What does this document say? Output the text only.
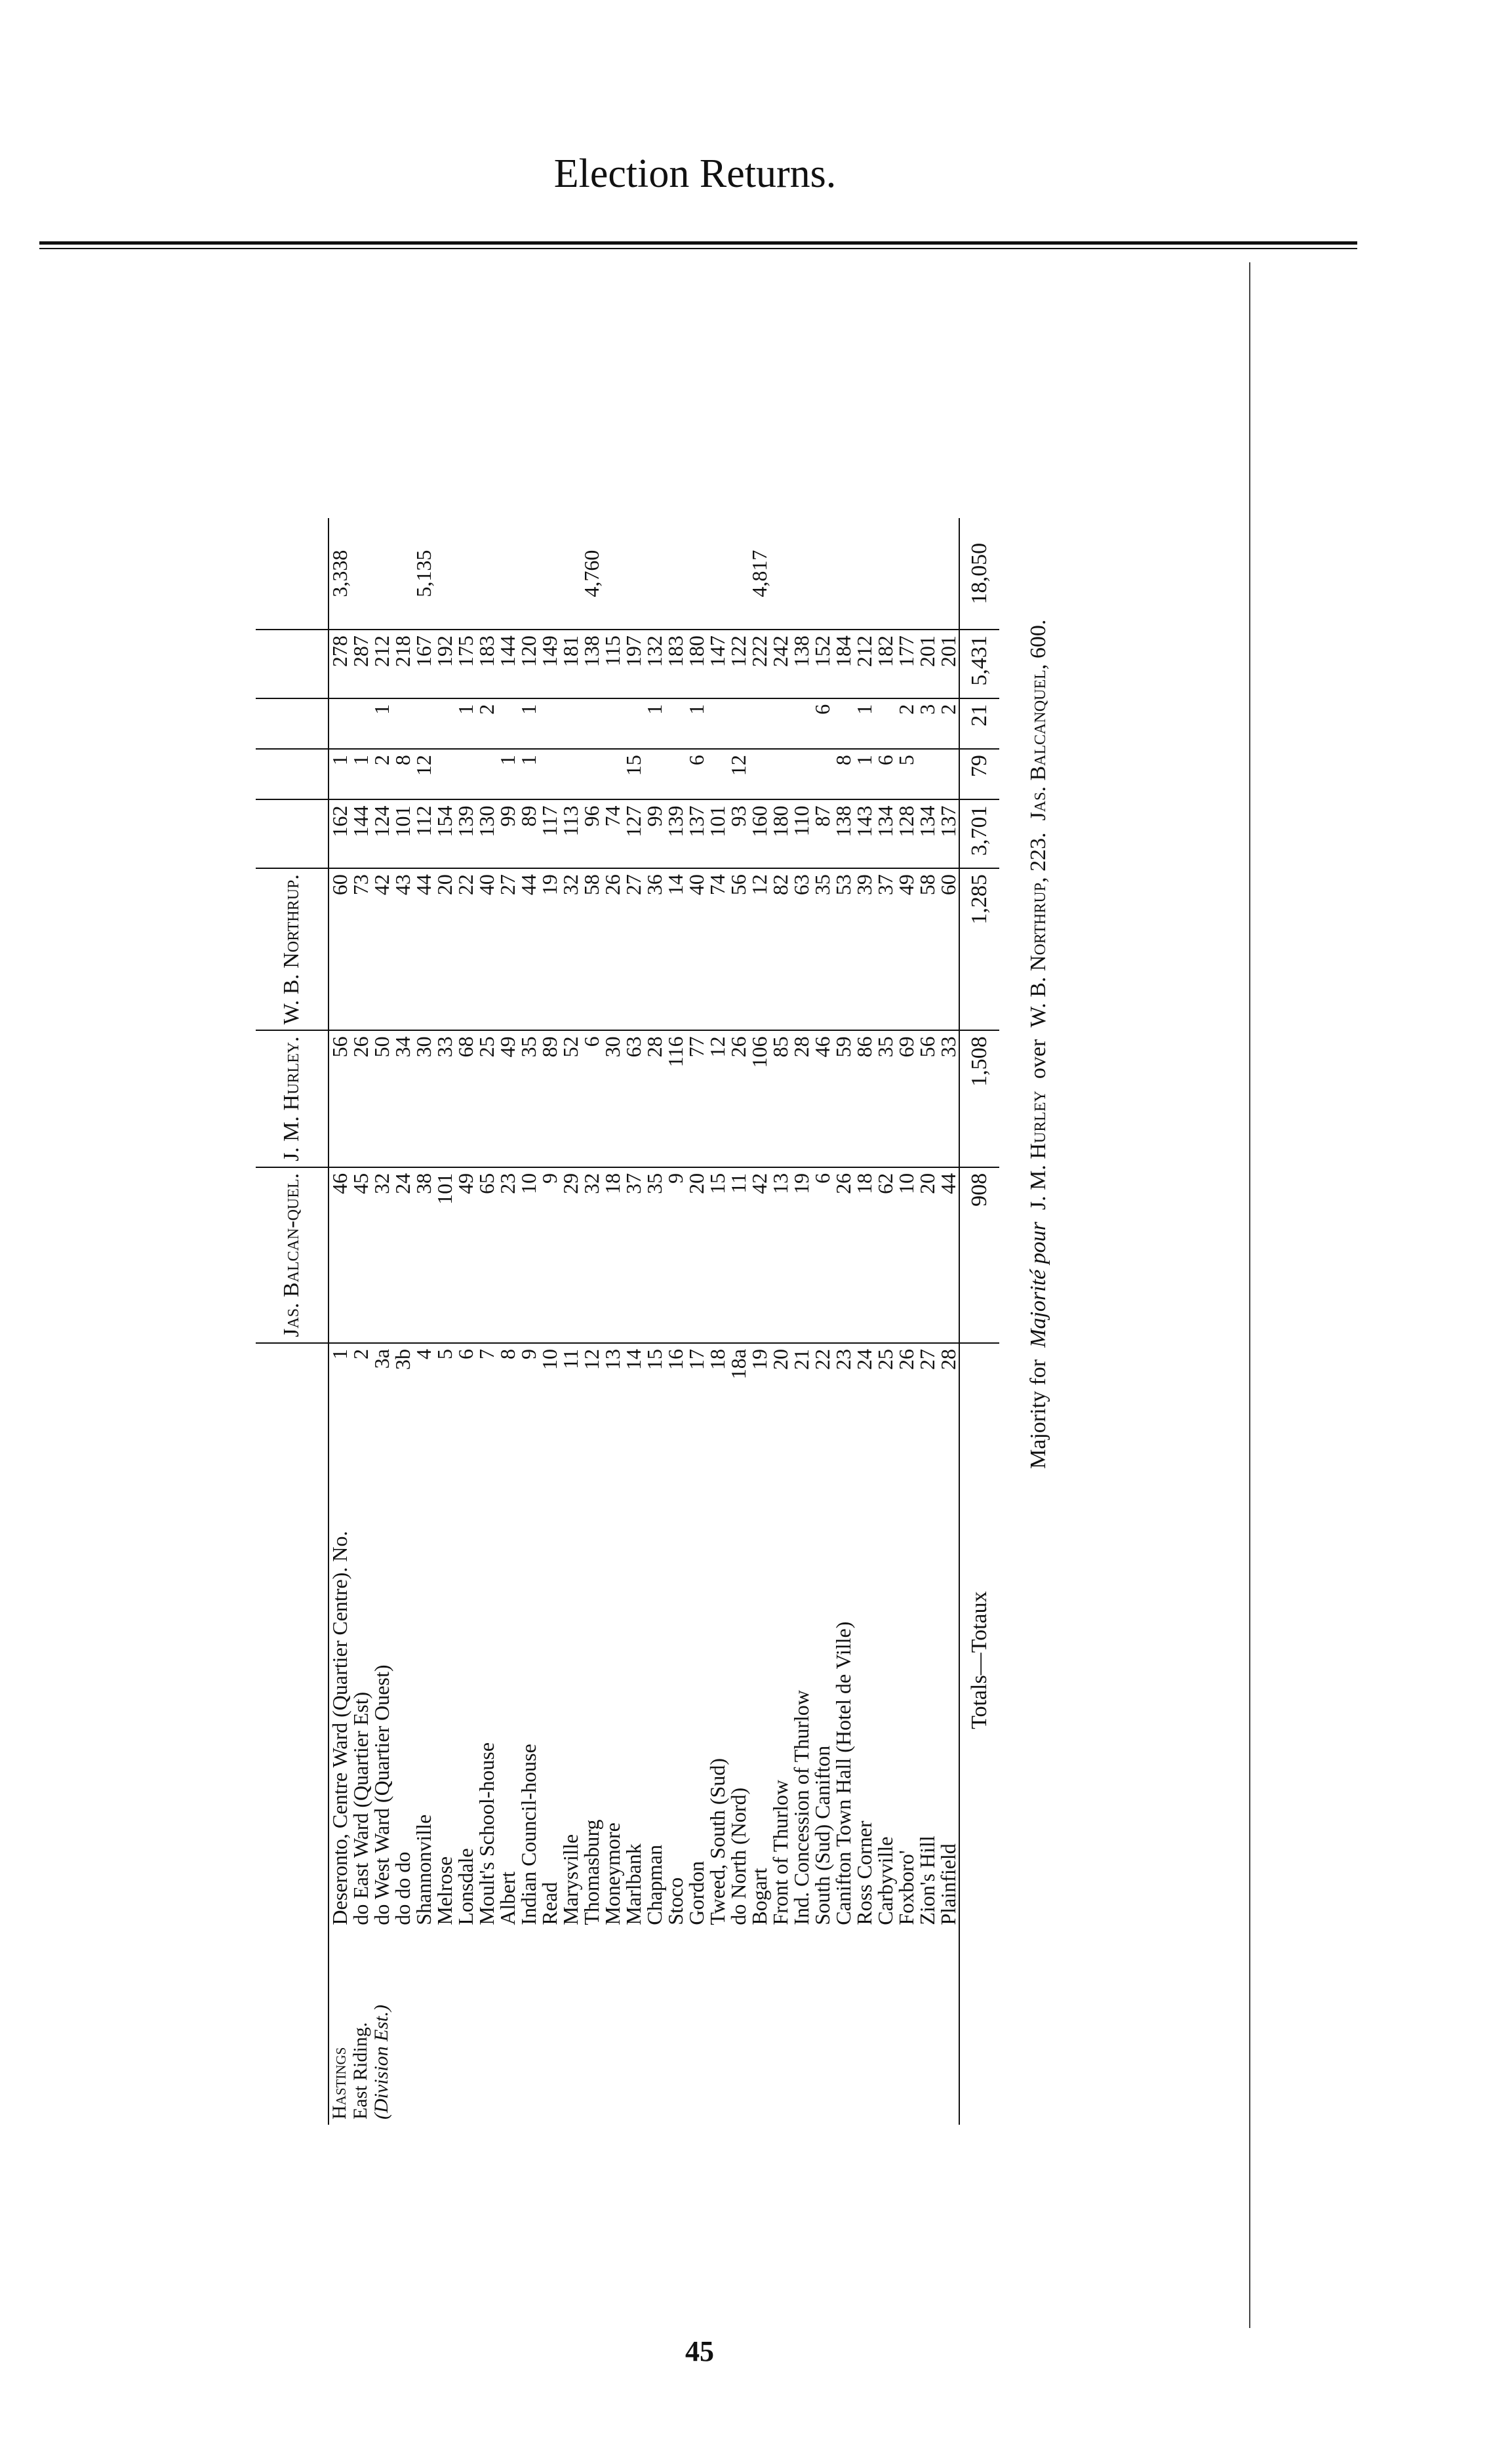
Election Returns.
			Jas. Balcan-quel.	J. M. Hurley.	W. B. Northrup.					
Hastings	Deseronto, Centre Ward (Quartier Centre). No.	1	46	56	60	162	1		278	3,338
East Riding.	do East Ward (Quartier Est)	2	45	26	73	144	1		287	
(Division Est.)	do West Ward (Quartier Ouest)	3a	32	50	42	124	2	1	212	
	do do do	3b	24	34	43	101	8		218	
	Shannonville	4	38	30	44	112	12		167	5,135
	Melrose	5	101	33	20	154			192	
	Lonsdale	6	49	68	22	139		1	175	
	Moult's School-house	7	65	25	40	130		2	183	
	Albert	8	23	49	27	99	1		144	
	Indian Council-house	9	10	35	44	89	1	1	120	
	Read	10	9	89	19	117			149	
	Marysville	11	29	52	32	113			181	
	Thomasburg	12	32	6	58	96			138	4,760
	Moneymore	13	18	30	26	74			115	
	Marlbank	14	37	63	27	127	15		197	
	Chapman	15	35	28	36	99		1	132	
	Stoco	16	9	116	14	139			183	
	Gordon	17	20	77	40	137	6	1	180	
	Tweed, South (Sud)	18	15	12	74	101			147	
	do North (Nord)	18a	11	26	56	93	12		122	
	Bogart	19	42	106	12	160			222	4,817
	Front of Thurlow	20	13	85	82	180			242	
	Ind. Concession of Thurlow	21	19	28	63	110			138	
	South (Sud) Canifton	22	6	46	35	87		6	152	
	Canifton Town Hall (Hotel de Ville)	23	26	59	53	138	8		184	
	Ross Corner	24	18	86	39	143	1	1	212	
	Carbyville	25	62	35	37	134	6		182	
	Foxboro'	26	10	69	49	128	5	2	177	
	Zion's Hill	27	20	56	58	134		3	201	
	Plainfield	28	44	33	60	137		2	201	
	Totals—Totaux		908	1,508	1,285	3,701	79	21	5,431	18,050
Majority forMajorité pourJ. M. HurleyoverW. B. Northrup, 223.Jas. Balcanquel, 600.										
45
